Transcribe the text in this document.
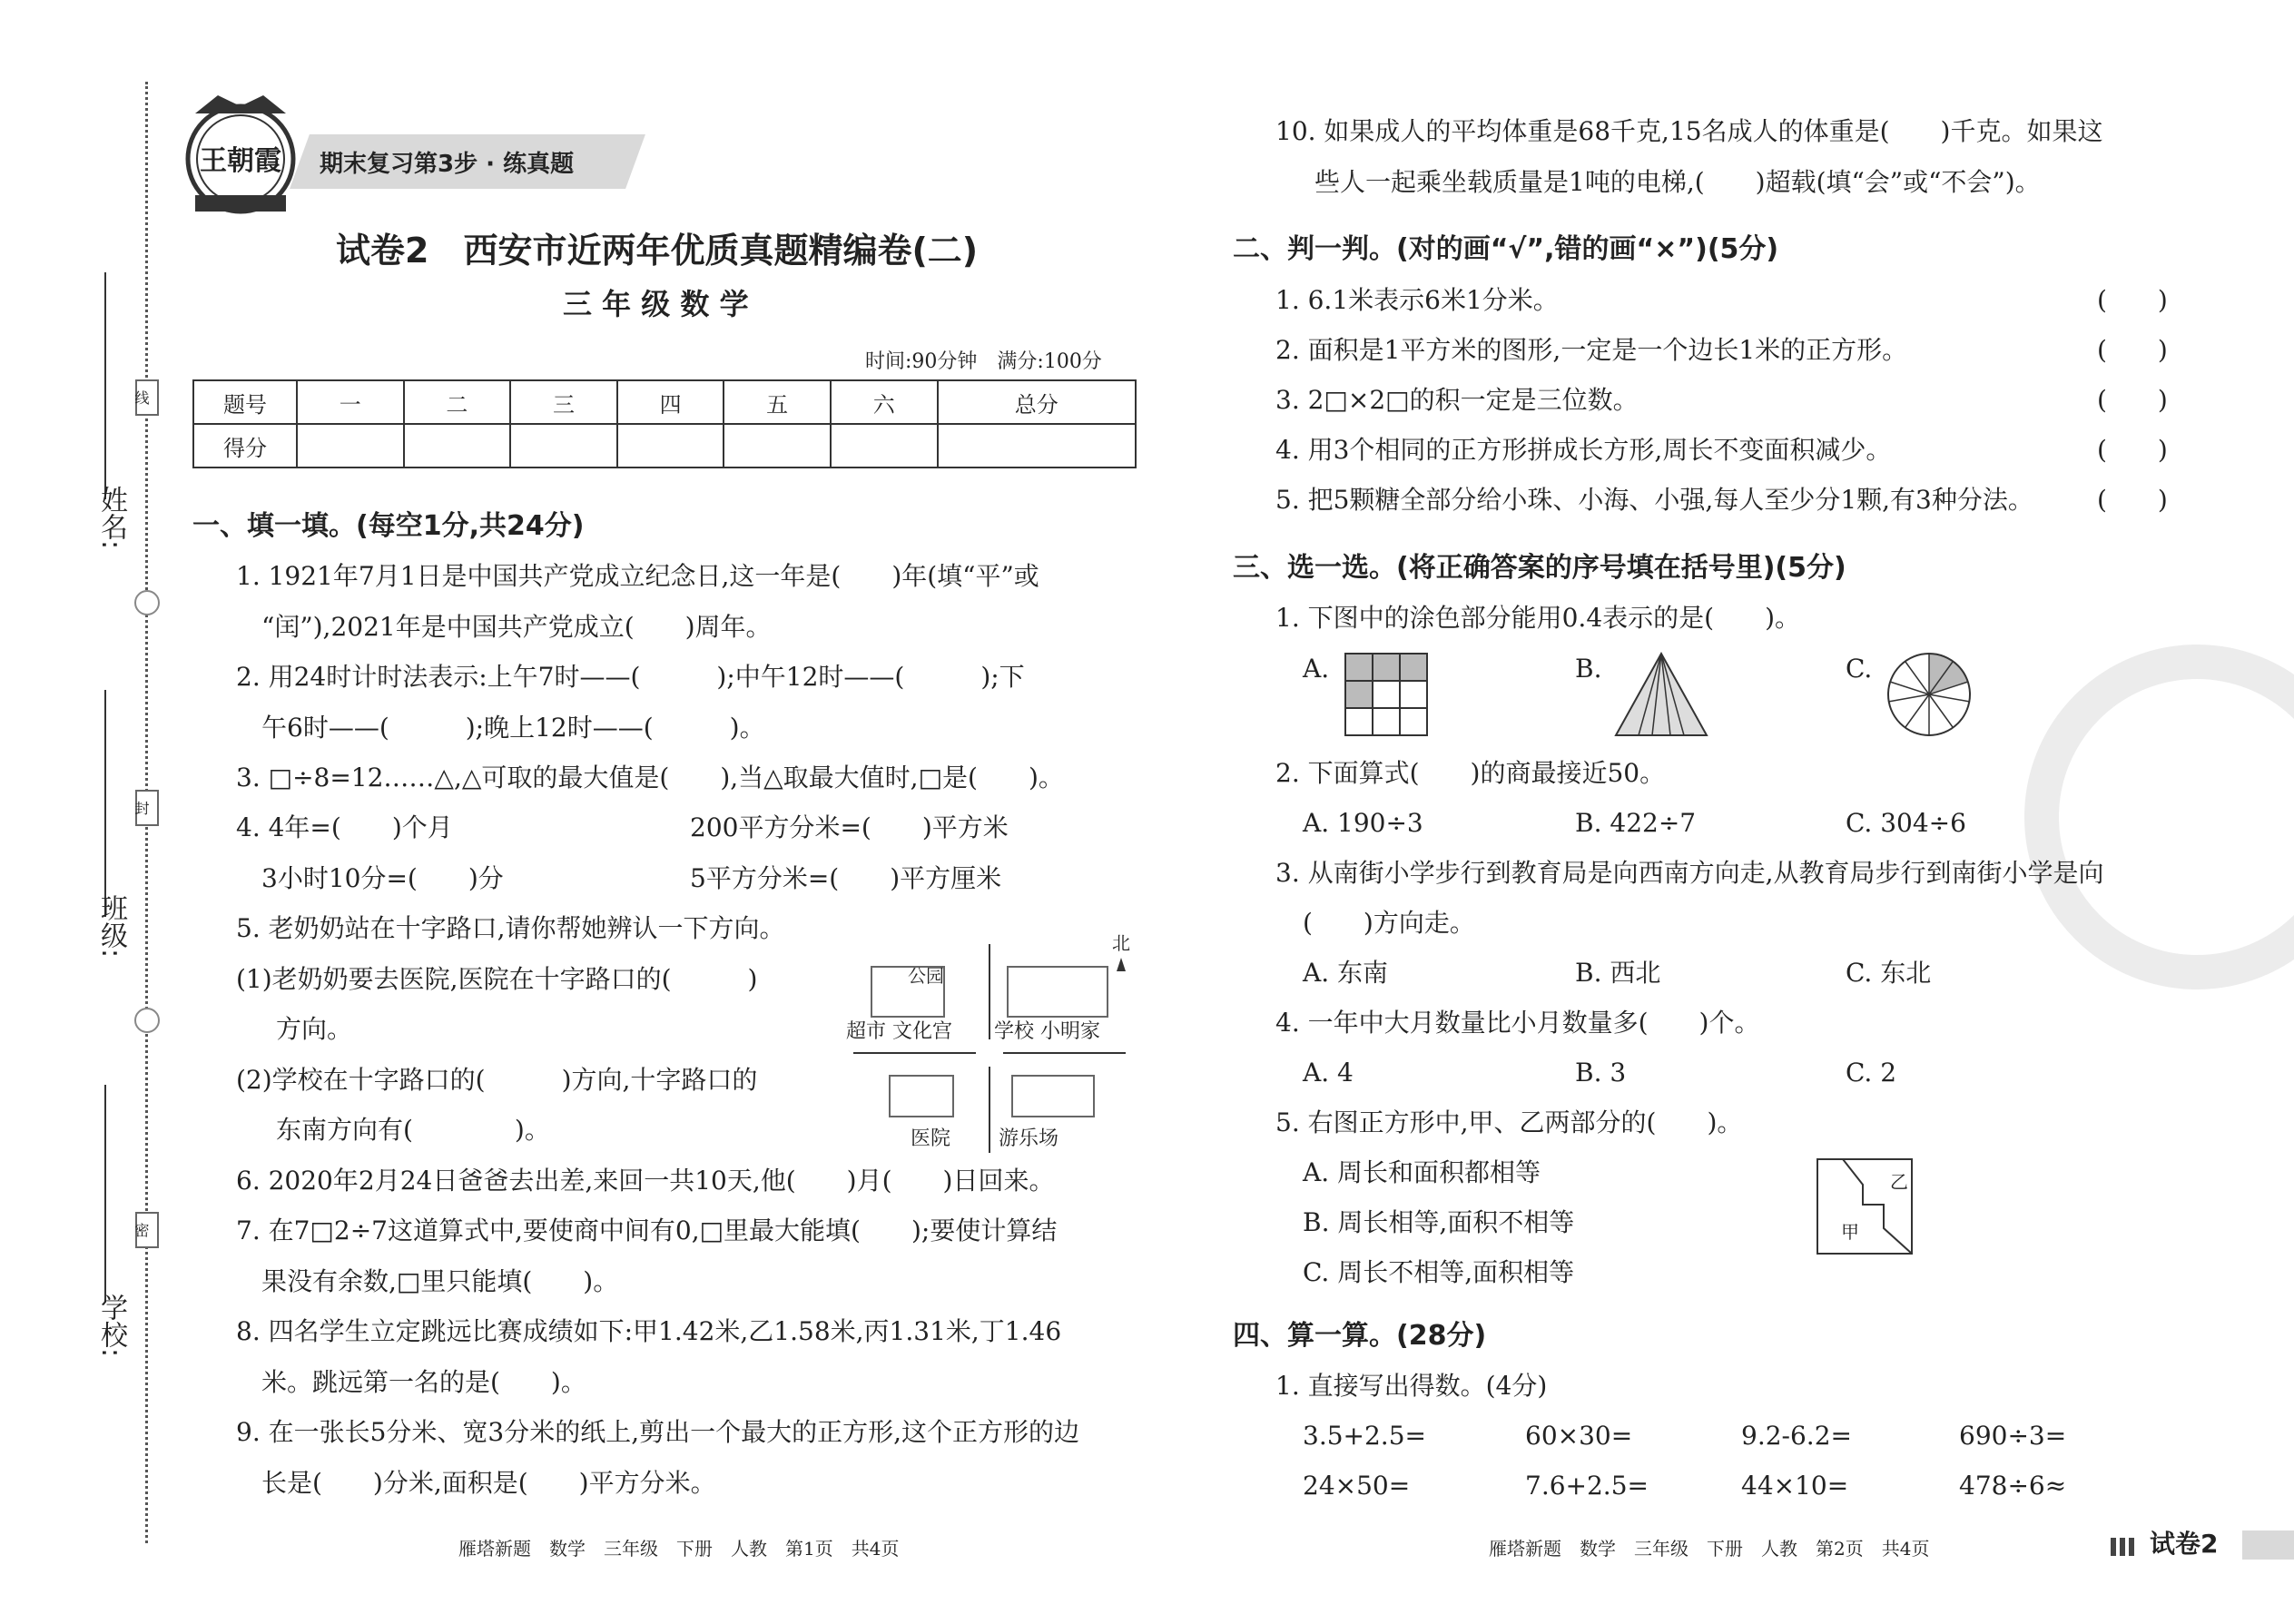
姓名:
班级:
学校:
线
封
密
王朝霞 期末复习第3步 · 练真题
试卷2　西安市近两年优质真题精编卷(二)
三 年 级 数 学
时间:90分钟　满分:100分
题号	一	二	三	四	五	六	总分
得分							
一、填一填。(每空1分,共24分)
1. 1921年7月1日是中国共产党成立纪念日,这一年是(　　)年(填“平”或
“闰”),2021年是中国共产党成立(　　)周年。
2. 用24时计时法表示:上午7时——(　　　);中午12时——(　　　);下
午6时——(　　　);晚上12时——(　　　)。
3. □÷8=12……△,△可取的最大值是(　　),当△取最大值时,□是(　　)。
4. 4年=(　　)个月	200平方分米=(　　)平方米
3小时10分=(　　)分	5平方分米=(　　)平方厘米
5. 老奶奶站在十字路口,请你帮她辨认一下方向。
(1)老奶奶要去医院,医院在十字路口的(　　　)
方向。
(2)学校在十字路口的(　　　)方向,十字路口的
东南方向有(　　　　)。
公园
北
超市 文化宫 学校 小明家
医院 游乐场
6. 2020年2月24日爸爸去出差,来回一共10天,他(　　)月(　　)日回来。
7. 在7□2÷7这道算式中,要使商中间有0,□里最大能填(　　);要使计算结
果没有余数,□里只能填(　　)。
8. 四名学生立定跳远比赛成绩如下:甲1.42米,乙1.58米,丙1.31米,丁1.46
米。跳远第一名的是(　　)。
9. 在一张长5分米、宽3分米的纸上,剪出一个最大的正方形,这个正方形的边
长是(　　)分米,面积是(　　)平方分米。
雁塔新题　数学　三年级　下册　人教　第1页　共4页
10. 如果成人的平均体重是68千克,15名成人的体重是(　　)千克。如果这
些人一起乘坐载质量是1吨的电梯,(　　)超载(填“会”或“不会”)。
二、判一判。(对的画“√”,错的画“×”)(5分)
1. 6.1米表示6米1分米。	(　　)
2. 面积是1平方米的图形,一定是一个边长1米的正方形。	(　　)
3. 2□×2□的积一定是三位数。	(　　)
4. 用3个相同的正方形拼成长方形,周长不变面积减少。	(　　)
5. 把5颗糖全部分给小珠、小海、小强,每人至少分1颗,有3种分法。	(　　)
三、选一选。(将正确答案的序号填在括号里)(5分)
1. 下图中的涂色部分能用0.4表示的是(　　)。
A.	B.	C.
2. 下面算式(　　)的商最接近50。
A. 190÷3	B. 422÷7	C. 304÷6
3. 从南街小学步行到教育局是向西南方向走,从教育局步行到南街小学是向
(　　)方向走。
A. 东南	B. 西北	C. 东北
4. 一年中大月数量比小月数量多(　　)个。
A. 4	B. 3	C. 2
5. 右图正方形中,甲、乙两部分的(　　)。
A. 周长和面积都相等
B. 周长相等,面积不相等
C. 周长不相等,面积相等
乙
甲
四、算一算。(28分)
1. 直接写出得数。(4分)
3.5+2.5=	60×30=	9.2-6.2=	690÷3=
24×50=	7.6+2.5=	44×10=	478÷6≈
雁塔新题　数学　三年级　下册　人教　第2页　共4页	试卷2
